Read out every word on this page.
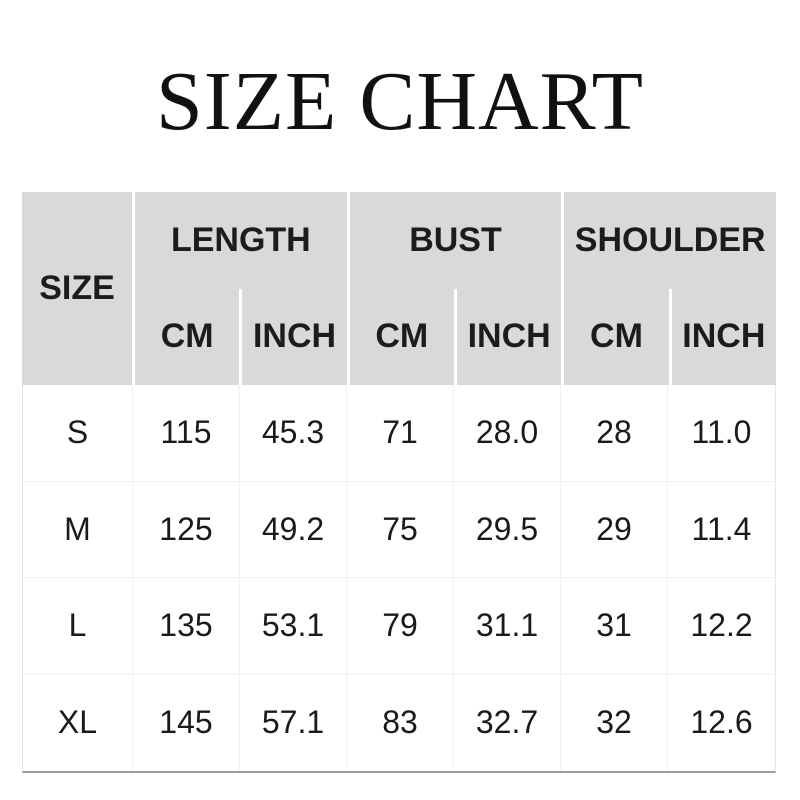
SIZE CHART
SIZE
LENGTH	BUST	SHOULDER
CM	INCH	CM	INCH	CM	INCH
S	115	45.3	71	28.0	28	11.0
M	125	49.2	75	29.5	29	11.4
L	135	53.1	79	31.1	31	12.2
XL	145	57.1	83	32.7	32	12.6
